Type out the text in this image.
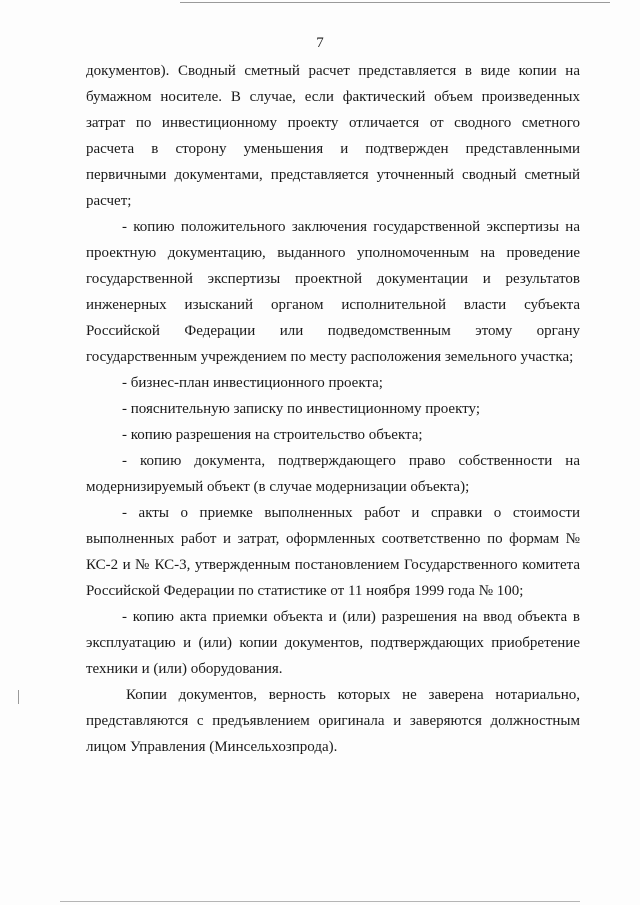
7

документов). Сводный сметный расчет представляется в виде копии на бумажном носителе. В случае, если фактический объем произведенных затрат по инвестиционному проекту отличается от сводного сметного расчета в сторону уменьшения и подтвержден представленными первичными документами, представляется уточненный сводный сметный расчет;

- копию положительного заключения государственной экспертизы на проектную документацию, выданного уполномоченным на проведение государственной экспертизы проектной документации и результатов инженерных изысканий органом исполнительной власти субъекта Российской Федерации или подведомственным этому органу государственным учреждением по месту расположения земельного участка;

- бизнес-план инвестиционного проекта;

- пояснительную записку по инвестиционному проекту;

- копию разрешения на строительство объекта;

- копию документа, подтверждающего право собственности на модернизируемый объект (в случае модернизации объекта);

- акты о приемке выполненных работ и справки о стоимости выполненных работ и затрат, оформленных соответственно по формам № КС-2 и № КС-3, утвержденным постановлением Государственного комитета Российской Федерации по статистике от 11 ноября 1999 года № 100;

- копию акта приемки объекта и (или) разрешения на ввод объекта в эксплуатацию и (или) копии документов, подтверждающих приобретение техники и (или) оборудования.

Копии документов, верность которых не заверена нотариально, представляются с предъявлением оригинала и заверяются должностным лицом Управления (Минсельхозпрода).
